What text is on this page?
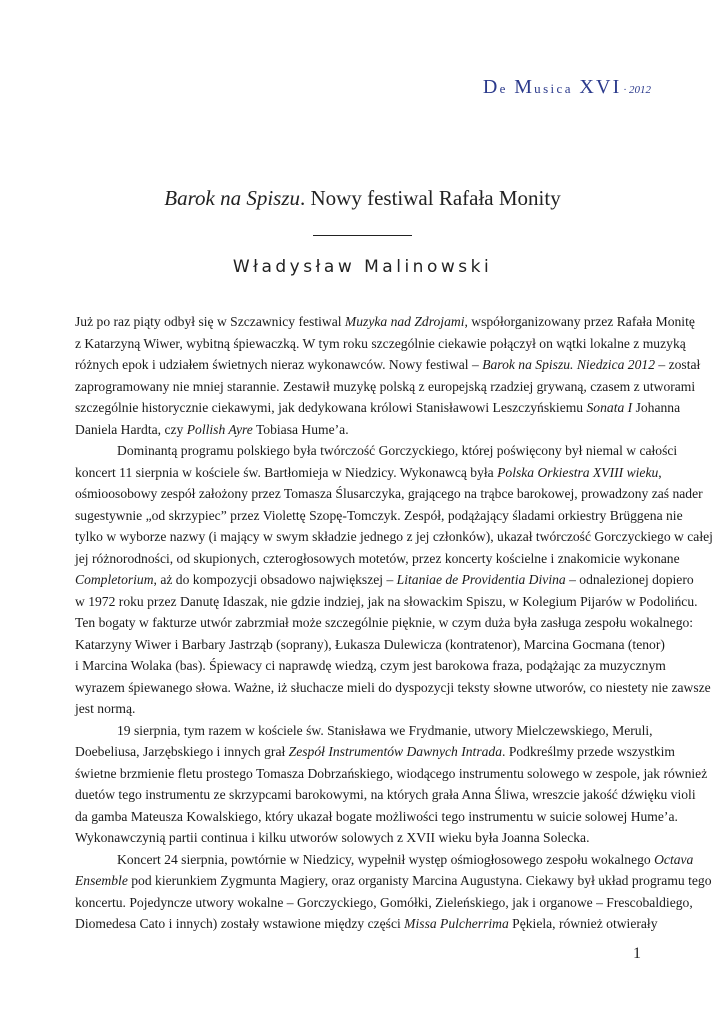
De Musica XVI · 2012
Barok na Spiszu. Nowy festiwal Rafała Monity
Władysław Malinowski
Już po raz piąty odbył się w Szczawnicy festiwal Muzyka nad Zdrojami, współorganizowany przez Rafała Monitę
z Katarzyną Wiwer, wybitną śpiewaczką. W tym roku szczególnie ciekawie połączył on wątki lokalne z muzyką
różnych epok i udziałem świetnych nieraz wykonawców. Nowy festiwal – Barok na Spiszu. Niedzica 2012 – został
zaprogramowany nie mniej starannie. Zestawił muzykę polską z europejską rzadziej grywaną, czasem z utworami
szczególnie historycznie ciekawymi, jak dedykowana królowi Stanisławowi Leszczyńskiemu Sonata I Johanna
Daniela Hardta, czy Pollish Ayre Tobiasa Hume’a.
Dominantą programu polskiego była twórczość Gorczyckiego, której poświęcony był niemal w całości
koncert 11 sierpnia w kościele św. Bartłomieja w Niedzicy. Wykonawcą była Polska Orkiestra XVIII wieku,
ośmioosobowy zespół założony przez Tomasza Ślusarczyka, grającego na trąbce barokowej, prowadzony zaś nader
sugestywnie „od skrzypiec” przez Violettę Szopę-Tomczyk. Zespół, podążający śladami orkiestry Brüggena nie
tylko w wyborze nazwy (i mający w swym składzie jednego z jej członków), ukazał twórczość Gorczyckiego w całej
jej różnorodności, od skupionych, czterogłosowych motetów, przez koncerty kościelne i znakomicie wykonane
Completorium, aż do kompozycji obsadowo największej – Litaniae de Providentia Divina – odnalezionej dopiero
w 1972 roku przez Danutę Idaszak, nie gdzie indziej, jak na słowackim Spiszu, w Kolegium Pijarów w Podolińcu.
Ten bogaty w fakturze utwór zabrzmiał może szczególnie pięknie, w czym duża była zasługa zespołu wokalnego:
Katarzyny Wiwer i Barbary Jastrząb (soprany), Łukasza Dulewicza (kontratenor), Marcina Gocmana (tenor)
i Marcina Wolaka (bas). Śpiewacy ci naprawdę wiedzą, czym jest barokowa fraza, podążając za muzycznym
wyrazem śpiewanego słowa. Ważne, iż słuchacze mieli do dyspozycji teksty słowne utworów, co niestety nie zawsze
jest normą.
19 sierpnia, tym razem w kościele św. Stanisława we Frydmanie, utwory Mielczewskiego, Meruli,
Doebeliusa, Jarzębskiego i innych grał Zespół Instrumentów Dawnych Intrada. Podkreślmy przede wszystkim
świetne brzmienie fletu prostego Tomasza Dobrzańskiego, wiodącego instrumentu solowego w zespole, jak również
duetów tego instrumentu ze skrzypcami barokowymi, na których grała Anna Śliwa, wreszcie jakość dźwięku violi
da gamba Mateusza Kowalskiego, który ukazał bogate możliwości tego instrumentu w suicie solowej Hume’a.
Wykonawczynią partii continua i kilku utworów solowych z XVII wieku była Joanna Solecka.
Koncert 24 sierpnia, powtórnie w Niedzicy, wypełnił występ ośmiogłosowego zespołu wokalnego Octava
Ensemble pod kierunkiem Zygmunta Magiery, oraz organisty Marcina Augustyna. Ciekawy był układ programu tego
koncertu. Pojedyncze utwory wokalne – Gorczyckiego, Gomółki, Zieleńskiego, jak i organowe – Frescobaldiego,
Diomedesa Cato i innych) zostały wstawione między części Missa Pulcherrima Pękiela, również otwierały
1
